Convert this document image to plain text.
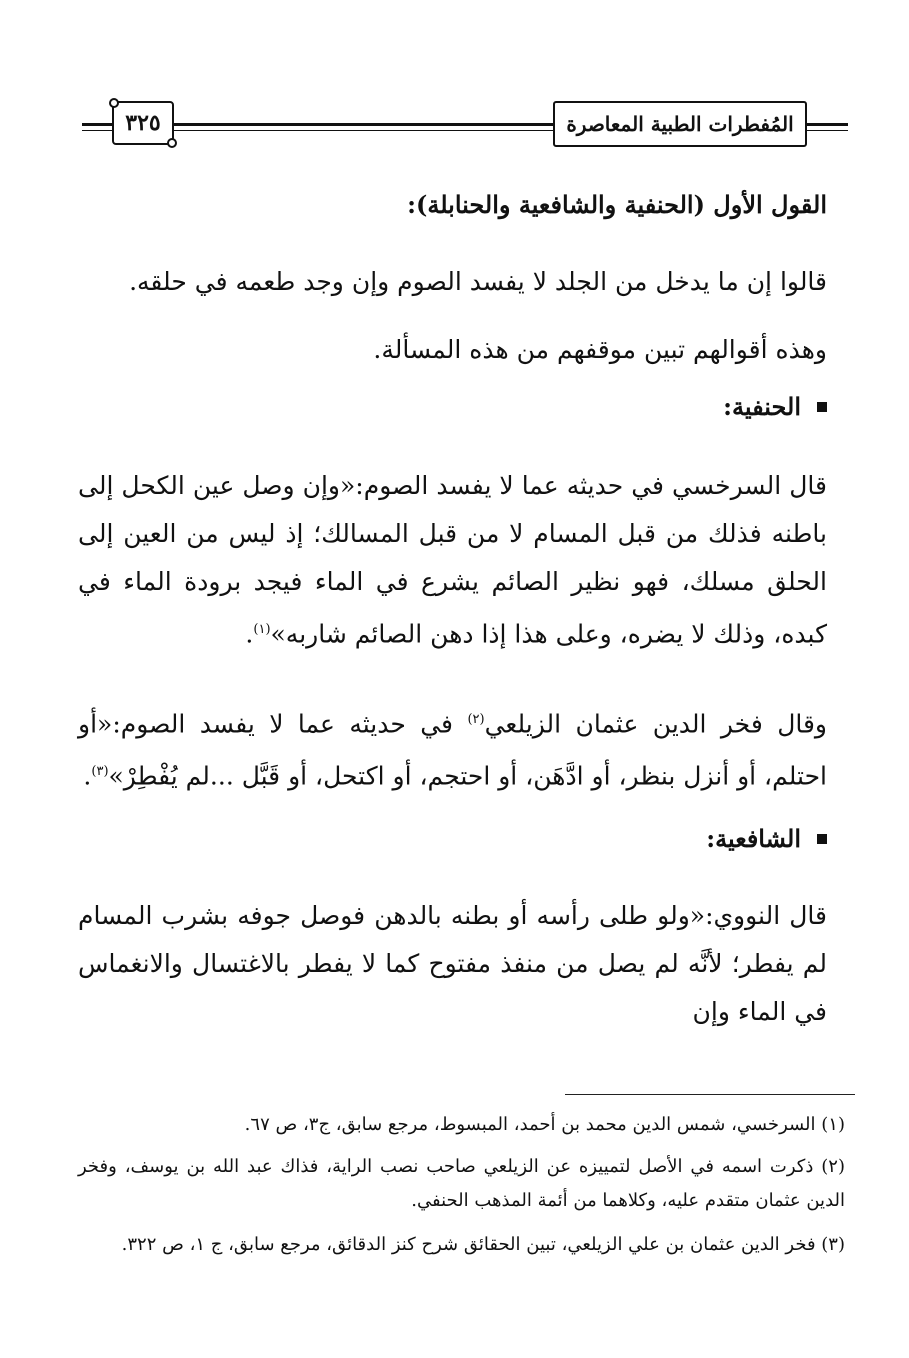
٣٢٥	المُفطرات الطبية المعاصرة
القول الأول (الحنفية والشافعية والحنابلة):
قالوا إن ما يدخل من الجلد لا يفسد الصوم وإن وجد طعمه في حلقه.
وهذه أقوالهم تبين موقفهم من هذه المسألة.
الحنفية:
قال السرخسي في حديثه عما لا يفسد الصوم:«وإن وصل عين الكحل إلى باطنه فذلك من قبل المسام لا من قبل المسالك؛ إذ ليس من العين إلى الحلق مسلك، فهو نظير الصائم يشرع في الماء فيجد برودة الماء في كبده، وذلك لا يضره، وعلى هذا إذا دهن الصائم شاربه»$^{(١)}$.
وقال فخر الدين عثمان الزيلعي$^{(٢)}$ في حديثه عما لا يفسد الصوم:«أو احتلم، أو أنزل بنظر، أو ادَّهَن، أو احتجم، أو اكتحل، أو قَبَّل ...لم يُفْطِرْ»$^{(٣)}$.
الشافعية:
قال النووي:«ولو طلى رأسه أو بطنه بالدهن فوصل جوفه بشرب المسام لم يفطر؛ لأنَّه لم يصل من منفذ مفتوح كما لا يفطر بالاغتسال والانغماس في الماء وإن
(١) السرخسي، شمس الدين محمد بن أحمد، المبسوط، مرجع سابق، ج٣، ص ٦٧.
(٢) ذكرت اسمه في الأصل لتمييزه عن الزيلعي صاحب نصب الراية، فذاك عبد الله بن يوسف، وفخر الدين عثمان متقدم عليه، وكلاهما من أئمة المذهب الحنفي.
(٣) فخر الدين عثمان بن علي الزيلعي، تبين الحقائق شرح كنز الدقائق، مرجع سابق، ج ١، ص ٣٢٢.
